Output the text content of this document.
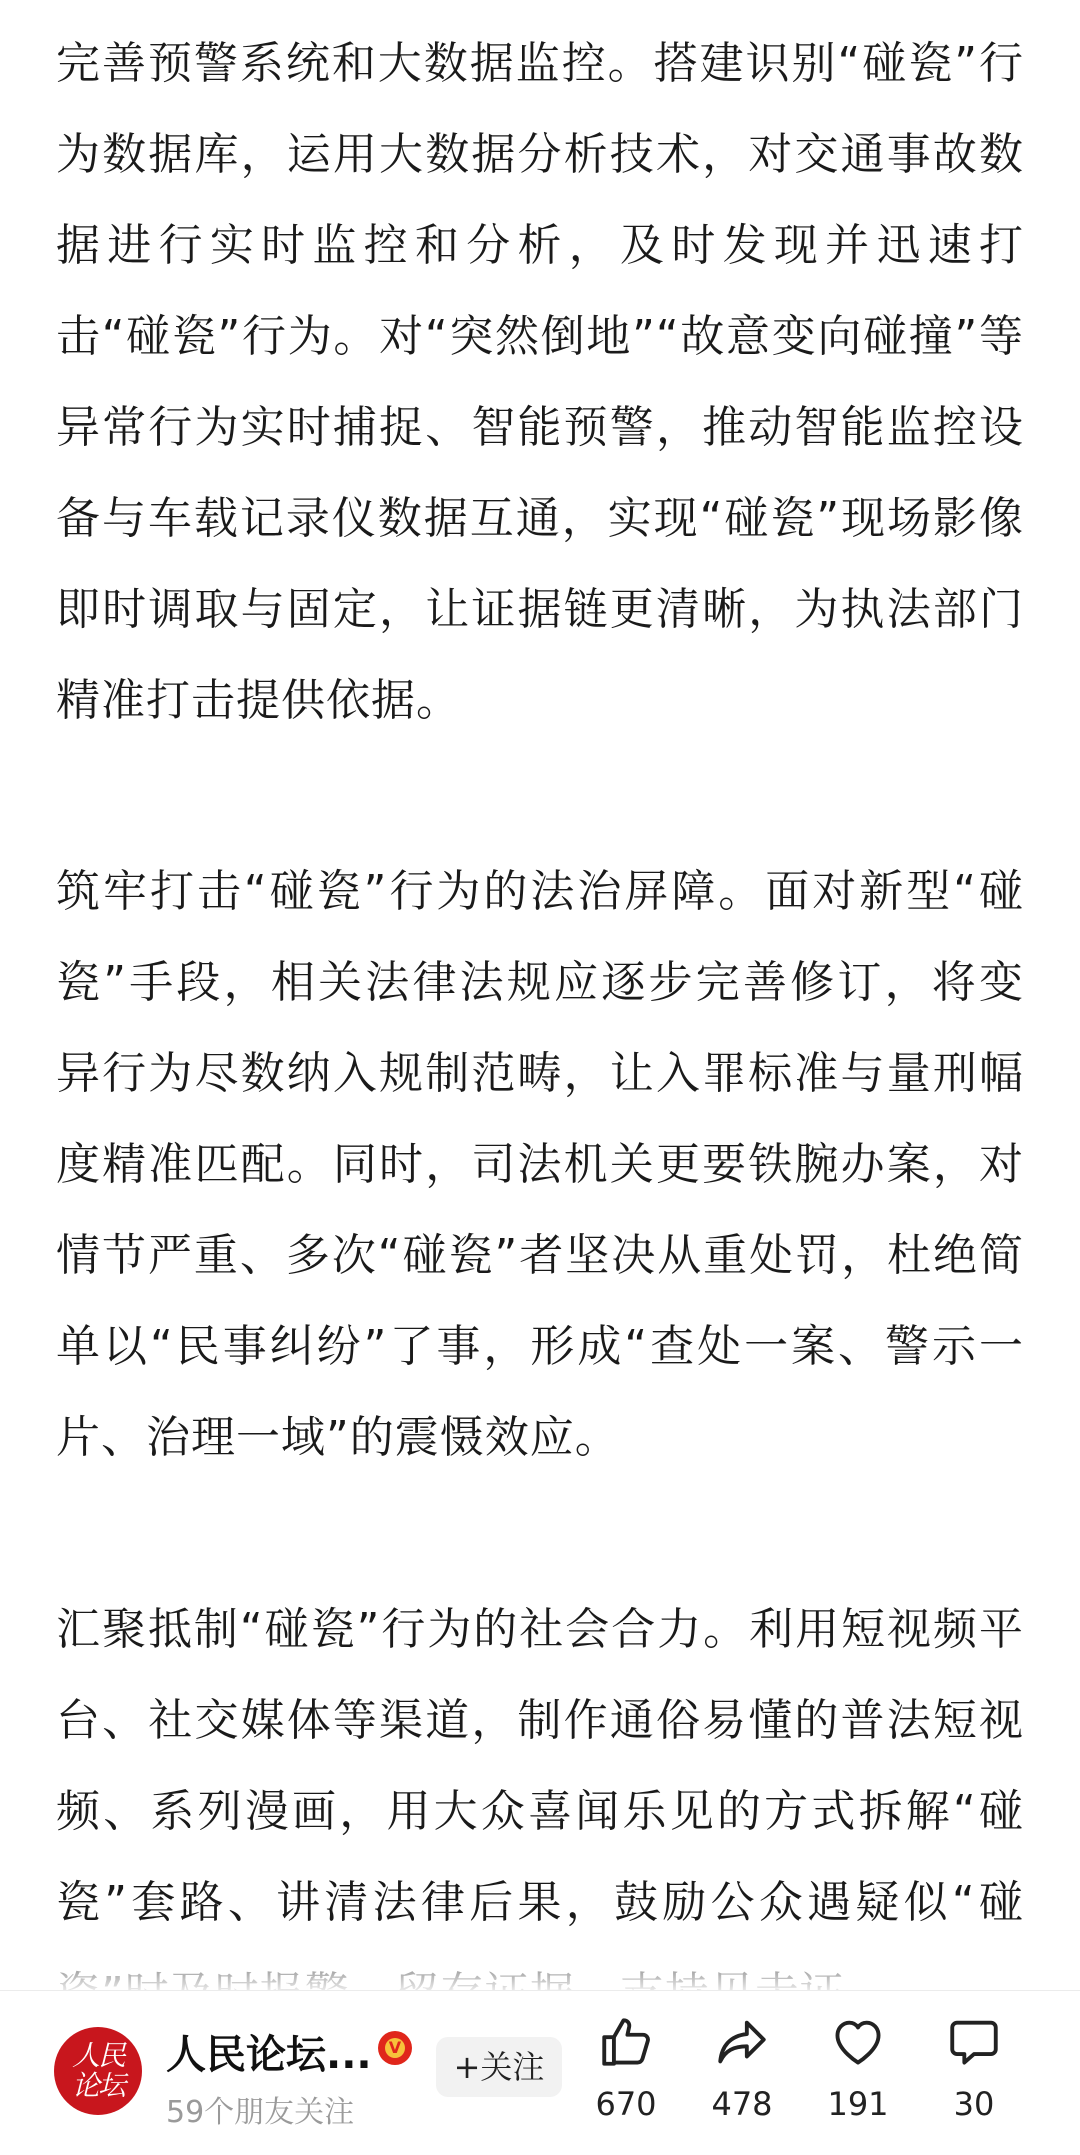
完善预警系统和大数据监控。搭建识别“碰瓷”行为数据库，运用大数据分析技术，对交通事故数据进行实时监控和分析，及时发现并迅速打击“碰瓷”行为。对“突然倒地”“故意变向碰撞”等异常行为实时捕捉、智能预警，推动智能监控设备与车载记录仪数据互通，实现“碰瓷”现场影像即时调取与固定，让证据链更清晰，为执法部门精准打击提供依据。

筑牢打击“碰瓷”行为的法治屏障。面对新型“碰瓷”手段，相关法律法规应逐步完善修订，将变异行为尽数纳入规制范畴，让入罪标准与量刑幅度精准匹配。同时，司法机关更要铁腕办案，对情节严重、多次“碰瓷”者坚决从重处罚，杜绝简单以“民事纠纷”了事，形成“查处一案、警示一片、治理一域”的震慑效应。

汇聚抵制“碰瓷”行为的社会合力。利用短视频平台、社交媒体等渠道，制作通俗易懂的普法短视频、系列漫画，用大众喜闻乐见的方式拆解“碰瓷”套路、讲清法律后果，鼓励公众遇疑似“碰

人民论坛
人民论坛... V
59个朋友关注
+关注
670	478	191	30
